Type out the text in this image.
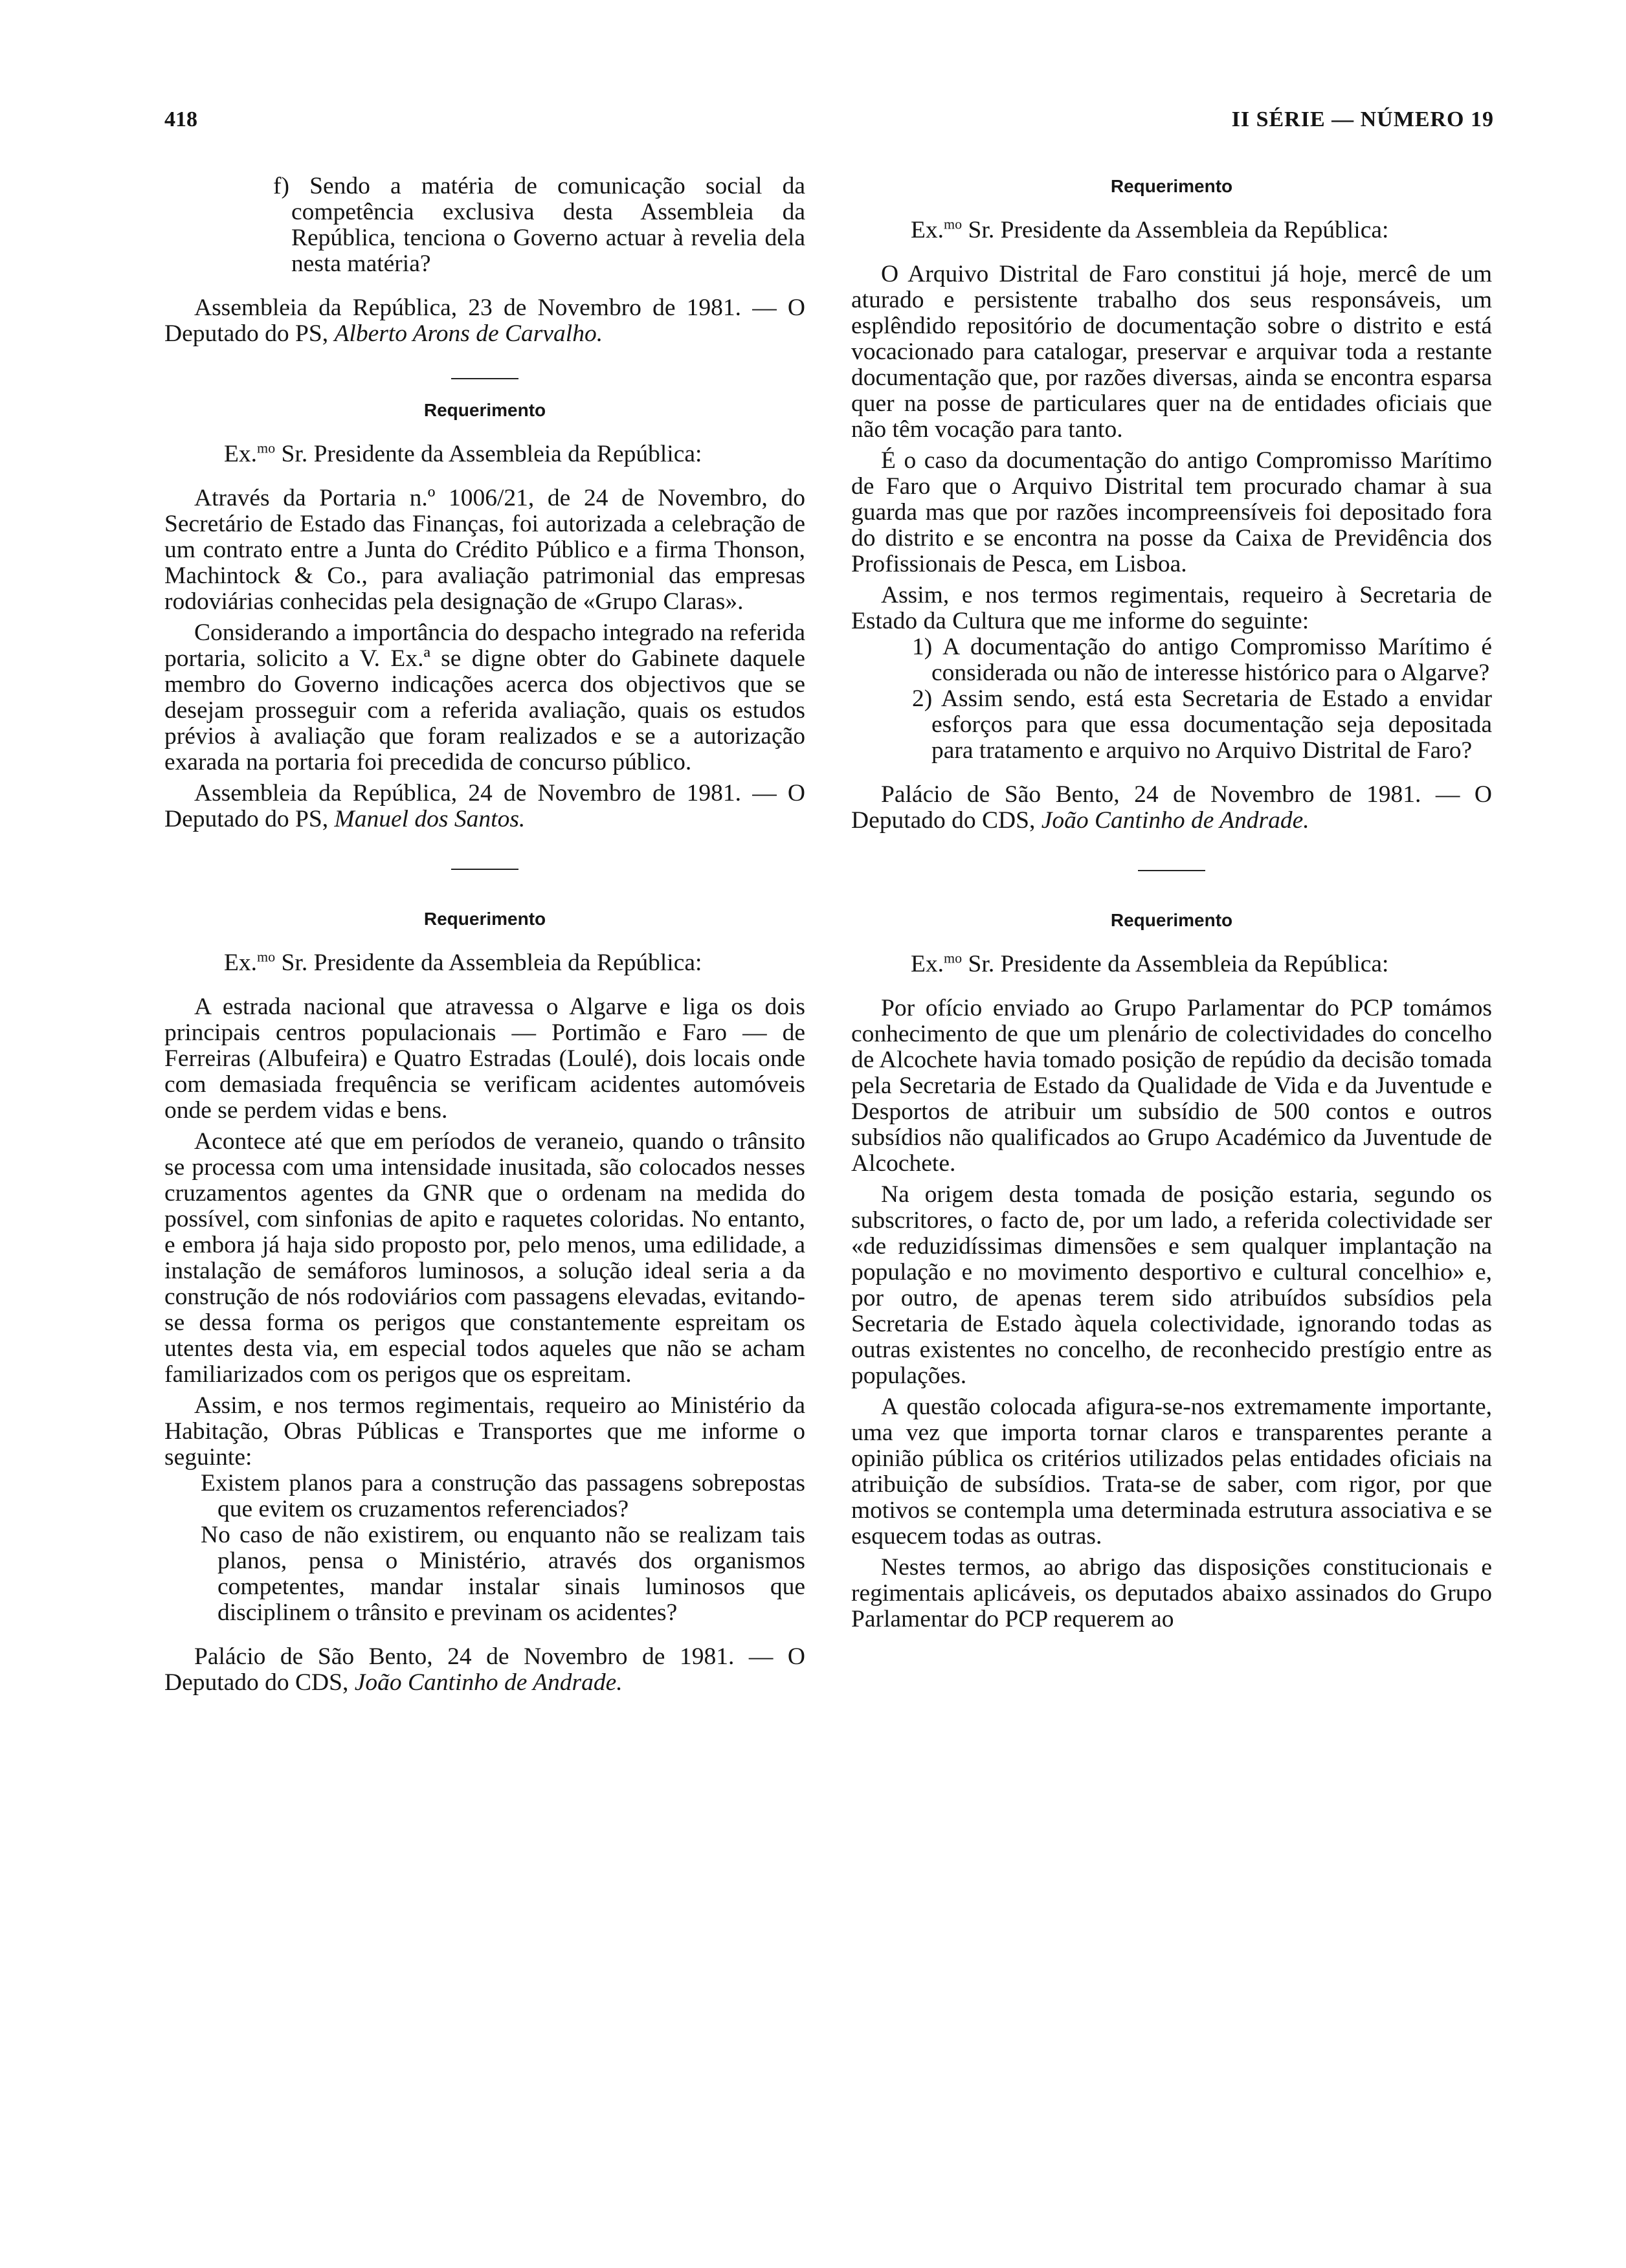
418	II SÉRIE — NÚMERO 19

f) Sendo a matéria de comunicação social da competência exclusiva desta Assembleia da República, tenciona o Governo actuar à revelia dela nesta matéria?

Assembleia da República, 23 de Novembro de 1981. — O Deputado do PS, Alberto Arons de Carvalho.

Requerimento

Ex.$^{mo}$ Sr. Presidente da Assembleia da República:

Através da Portaria n.º 1006/21, de 24 de Novembro, do Secretário de Estado das Finanças, foi autorizada a celebração de um contrato entre a Junta do Crédito Público e a firma Thonson, Machintock & Co., para avaliação patrimonial das empresas rodoviárias conhecidas pela designação de «Grupo Claras».

Considerando a importância do despacho integrado na referida portaria, solicito a V. Ex.ª se digne obter do Gabinete daquele membro do Governo indicações acerca dos objectivos que se desejam prosseguir com a referida avaliação, quais os estudos prévios à avaliação que foram realizados e se a autorização exarada na portaria foi precedida de concurso público.

Assembleia da República, 24 de Novembro de 1981. — O Deputado do PS, Manuel dos Santos.

Requerimento

Ex.$^{mo}$ Sr. Presidente da Assembleia da República:

A estrada nacional que atravessa o Algarve e liga os dois principais centros populacionais — Portimão e Faro — de Ferreiras (Albufeira) e Quatro Estradas (Loulé), dois locais onde com demasiada frequência se verificam acidentes automóveis onde se perdem vidas e bens.

Acontece até que em períodos de veraneio, quando o trânsito se processa com uma intensidade inusitada, são colocados nesses cruzamentos agentes da GNR que o ordenam na medida do possível, com sinfonias de apito e raquetes coloridas. No entanto, e embora já haja sido proposto por, pelo menos, uma edilidade, a instalação de semáforos luminosos, a solução ideal seria a da construção de nós rodoviários com passagens elevadas, evitando-se dessa forma os perigos que constantemente espreitam os utentes desta via, em especial todos aqueles que não se acham familiarizados com os perigos que os espreitam.

Assim, e nos termos regimentais, requeiro ao Ministério da Habitação, Obras Públicas e Transportes que me informe o seguinte:

Existem planos para a construção das passagens sobrepostas que evitem os cruzamentos referenciados?

No caso de não existirem, ou enquanto não se realizam tais planos, pensa o Ministério, através dos organismos competentes, mandar instalar sinais luminosos que disciplinem o trânsito e previnam os acidentes?

Palácio de São Bento, 24 de Novembro de 1981. — O Deputado do CDS, João Cantinho de Andrade.

Requerimento

Ex.$^{mo}$ Sr. Presidente da Assembleia da República:

O Arquivo Distrital de Faro constitui já hoje, mercê de um aturado e persistente trabalho dos seus responsáveis, um esplêndido repositório de documentação sobre o distrito e está vocacionado para catalogar, preservar e arquivar toda a restante documentação que, por razões diversas, ainda se encontra esparsa quer na posse de particulares quer na de entidades oficiais que não têm vocação para tanto.

É o caso da documentação do antigo Compromisso Marítimo de Faro que o Arquivo Distrital tem procurado chamar à sua guarda mas que por razões incompreensíveis foi depositado fora do distrito e se encontra na posse da Caixa de Previdência dos Profissionais de Pesca, em Lisboa.

Assim, e nos termos regimentais, requeiro à Secretaria de Estado da Cultura que me informe do seguinte:

1) A documentação do antigo Compromisso Marítimo é considerada ou não de interesse histórico para o Algarve?

2) Assim sendo, está esta Secretaria de Estado a envidar esforços para que essa documentação seja depositada para tratamento e arquivo no Arquivo Distrital de Faro?

Palácio de São Bento, 24 de Novembro de 1981. — O Deputado do CDS, João Cantinho de Andrade.

Requerimento

Ex.$^{mo}$ Sr. Presidente da Assembleia da República:

Por ofício enviado ao Grupo Parlamentar do PCP tomámos conhecimento de que um plenário de colectividades do concelho de Alcochete havia tomado posição de repúdio da decisão tomada pela Secretaria de Estado da Qualidade de Vida e da Juventude e Desportos de atribuir um subsídio de 500 contos e outros subsídios não qualificados ao Grupo Académico da Juventude de Alcochete.

Na origem desta tomada de posição estaria, segundo os subscritores, o facto de, por um lado, a referida colectividade ser «de reduzidíssimas dimensões e sem qualquer implantação na população e no movimento desportivo e cultural concelhio» e, por outro, de apenas terem sido atribuídos subsídios pela Secretaria de Estado àquela colectividade, ignorando todas as outras existentes no concelho, de reconhecido prestígio entre as populações.

A questão colocada afigura-se-nos extremamente importante, uma vez que importa tornar claros e transparentes perante a opinião pública os critérios utilizados pelas entidades oficiais na atribuição de subsídios. Trata-se de saber, com rigor, por que motivos se contempla uma determinada estrutura associativa e se esquecem todas as outras.

Nestes termos, ao abrigo das disposições constitucionais e regimentais aplicáveis, os deputados abaixo assinados do Grupo Parlamentar do PCP requerem ao
